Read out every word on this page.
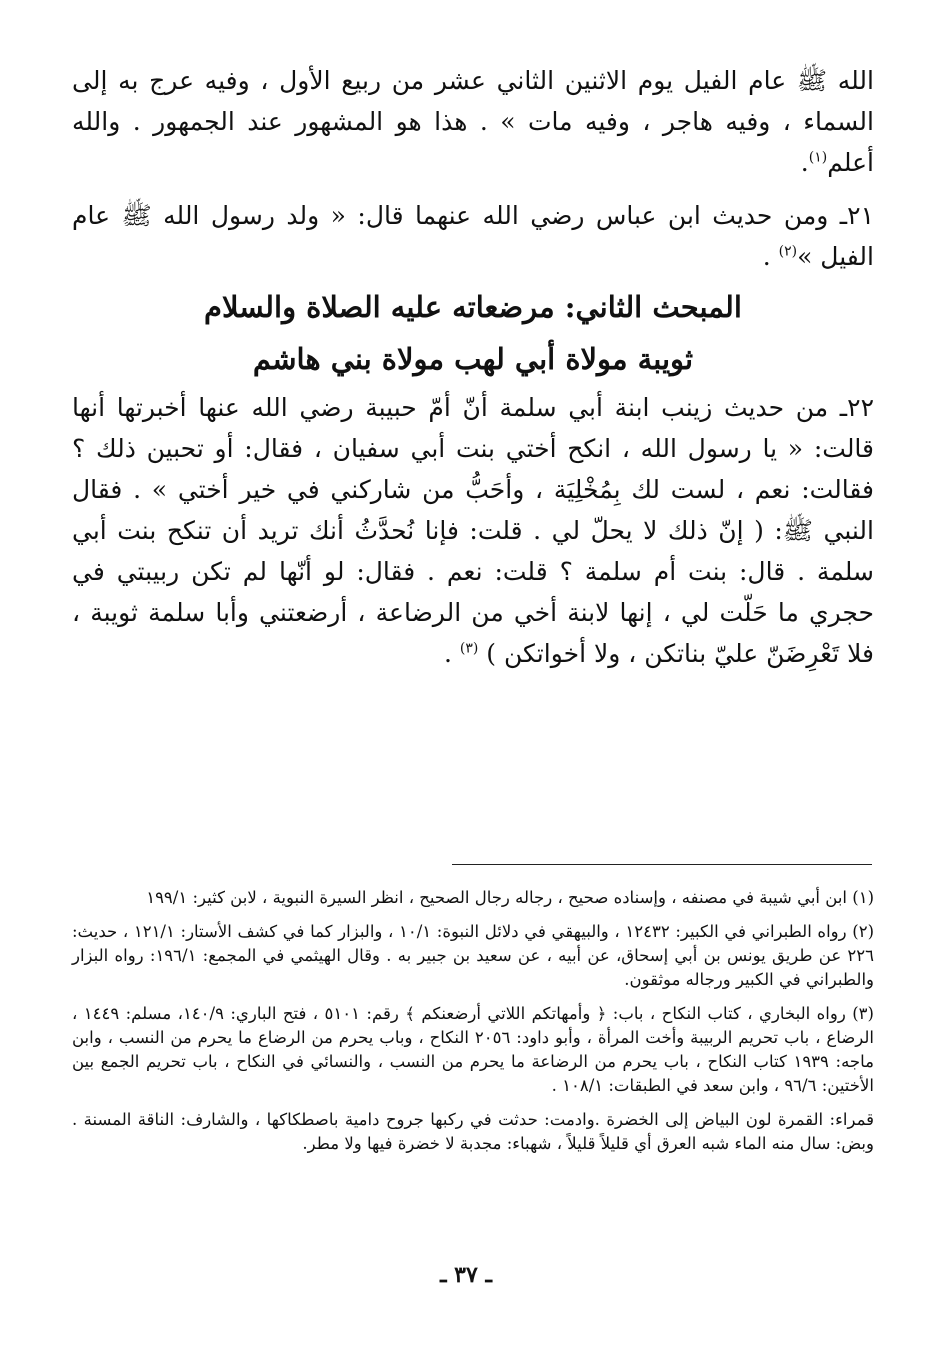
الله ﷺ عام الفيل يوم الاثنين الثاني عشر من ربيع الأول ، وفيه عرج به إلى السماء ، وفيه هاجر ، وفيه مات » . هذا هو المشهور عند الجمهور . والله أعلم$^{(١)}$.

٢١ـ ومن حديث ابن عباس رضي الله عنهما قال: « ولد رسول الله ﷺ عام الفيل »$^{(٢)}$ .

المبحث الثاني: مرضعاته عليه الصلاة والسلام
ثويبة مولاة أبي لهب مولاة بني هاشم

٢٢ـ من حديث زينب ابنة أبي سلمة أنّ أمّ حبيبة رضي الله عنها أخبرتها أنها قالت: « يا رسول الله ، انكح أختي بنت أبي سفيان ، فقال: أو تحبين ذلك ؟ فقالت: نعم ، لست لك بِمُخْلِيَة ، وأحَبُّ من شاركني في خير أختي » . فقال النبي ﷺ: ( إنّ ذلك لا يحلّ لي . قلت: فإنا نُحدَّثُ أنك تريد أن تنكح بنت أبي سلمة . قال: بنت أم سلمة ؟ قلت: نعم . فقال: لو أنّها لم تكن ربيبتي في حجري ما حَلّت لي ، إنها لابنة أخي من الرضاعة ، أرضعتني وأبا سلمة ثويبة ، فلا تَعْرِضَنّ عليّ بناتكن ، ولا أخواتكن ) $^{(٣)}$ .

(١) ابن أبي شيبة في مصنفه ، وإسناده صحيح ، رجاله رجال الصحيح ، انظر السيرة النبوية ، لابن كثير: ١٩٩/١
(٢) رواه الطبراني في الكبير: ١٢٤٣٢ ، والبيهقي في دلائل النبوة: ١٠/١ ، والبزار كما في كشف الأستار: ١٢١/١ ، حديث: ٢٢٦ عن طريق يونس بن أبي إسحاق، عن أبيه ، عن سعيد بن جبير به . وقال الهيثمي في المجمع: ١٩٦/١: رواه البزار والطبراني في الكبير ورجاله موثقون.
(٣) رواه البخاري ، كتاب النكاح ، باب: ﴿ وأمهاتكم اللاتي أرضعنكم ﴾ رقم: ٥١٠١ ، فتح الباري: ١٤٠/٩، مسلم: ١٤٤٩ ، الرضاع ، باب تحريم الربيبة وأخت المرأة ، وأبو داود: ٢٠٥٦ النكاح ، وباب يحرم من الرضاع ما يحرم من النسب ، وابن ماجه: ١٩٣٩ كتاب النكاح ، باب يحرم من الرضاعة ما يحرم من النسب ، والنسائي في النكاح ، باب تحريم الجمع بين الأختين: ٩٦/٦ ، وابن سعد في الطبقات: ١٠٨/١ .
قمراء: القمرة لون البياض إلى الخضرة .وادمت: حدثت في ركبها جروح دامية باصطكاكها ، والشارف: الناقة المسنة . وبض: سال منه الماء شبه العرق أي قليلاً قليلاً ، شهباء: مجدبة لا خضرة فيها ولا مطر.
ـ ٣٧ ـ
